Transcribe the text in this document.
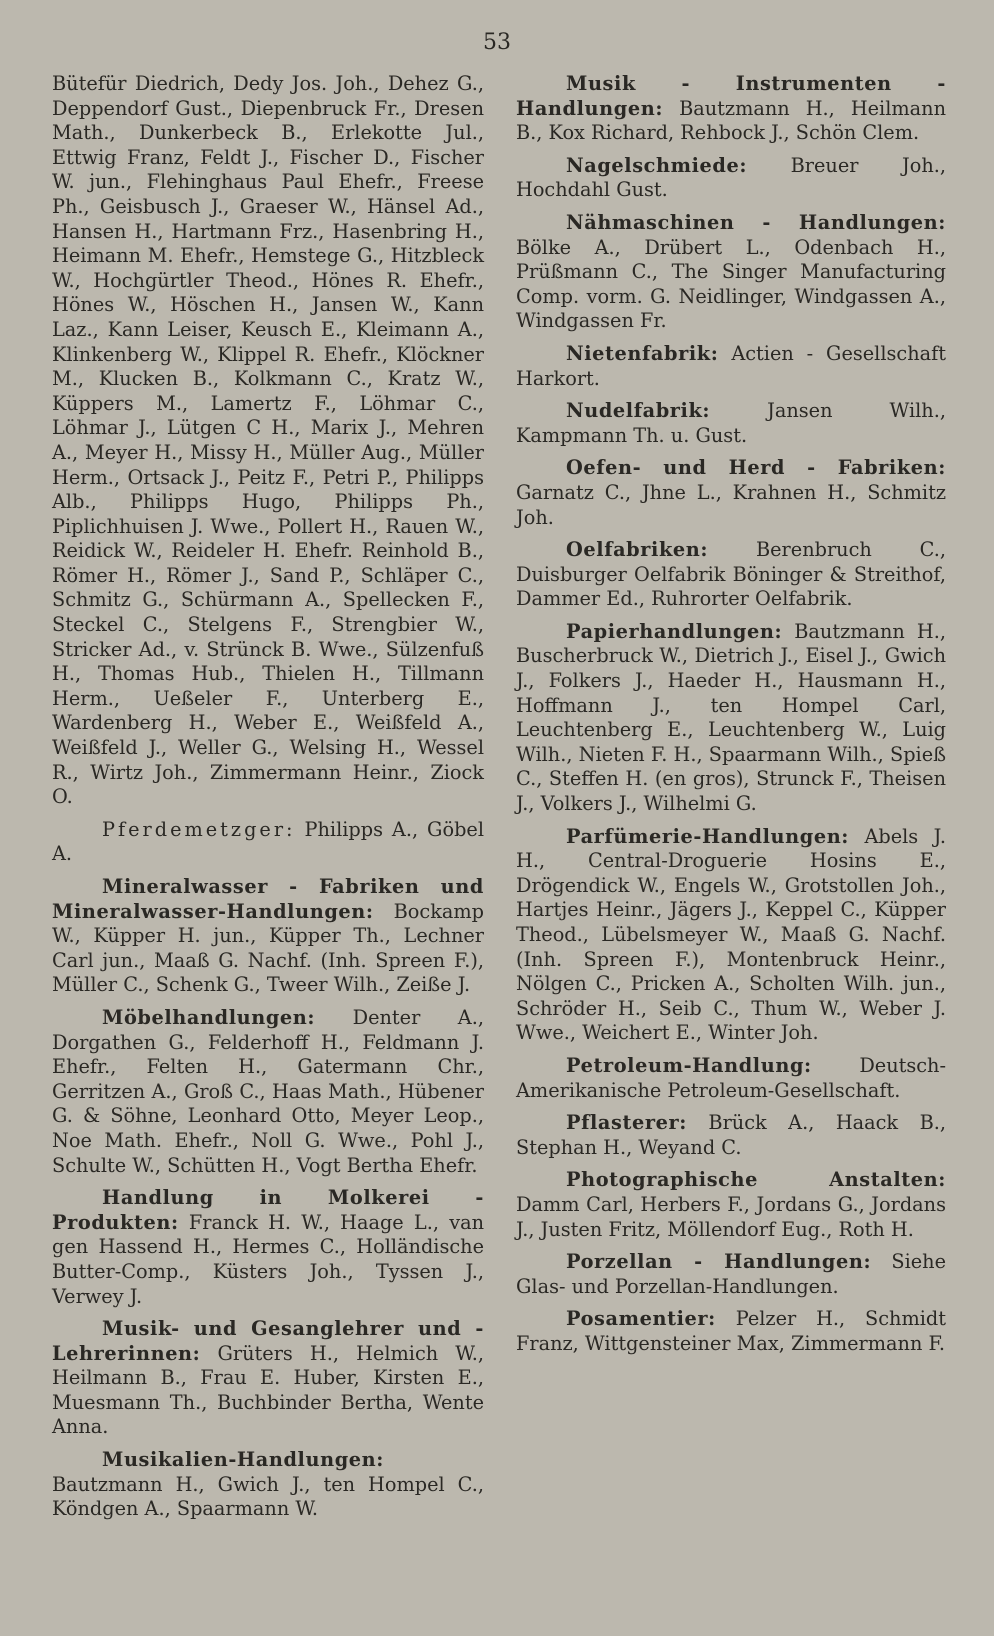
53

Bütefür Diedrich, Dedy Jos. Joh., Dehez G., Deppendorf Gust., Diepenbruck Fr., Dresen Math., Dunkerbeck B., Erlekotte Jul., Ettwig Franz, Feldt J., Fischer D., Fischer W. jun., Flehinghaus Paul Ehefr., Freese Ph., Geisbusch J., Graeser W., Hänsel Ad., Hansen H., Hartmann Frz., Hasenbring H., Heimann M. Ehefr., Hemstege G., Hitzbleck W., Hochgürtler Theod., Hönes R. Ehefr., Hönes W., Höschen H., Jansen W., Kann Laz., Kann Leiser, Keusch E., Kleimann A., Klinkenberg W., Klippel R. Ehefr., Klöckner M., Klucken B., Kolkmann C., Kratz W., Küppers M., Lamertz F., Löhmar C., Löhmar J., Lütgen C H., Marix J., Mehren A., Meyer H., Missy H., Müller Aug., Müller Herm., Ortsack J., Peitz F., Petri P., Philipps Alb., Philipps Hugo, Philipps Ph., Piplichhuisen J. Wwe., Pollert H., Rauen W., Reidick W., Reideler H. Ehefr. Reinhold B., Römer H., Römer J., Sand P., Schläper C., Schmitz G., Schürmann A., Spellecken F., Steckel C., Stelgens F., Strengbier W., Stricker Ad., v. Strünck B. Wwe., Sülzenfuß H., Thomas Hub., Thielen H., Tillmann Herm., Ueßeler F., Unterberg E., Wardenberg H., Weber E., Weißfeld A., Weißfeld J., Weller G., Welsing H., Wessel R., Wirtz Joh., Zimmermann Heinr., Ziock O.

Pferdemetzger: Philipps A., Göbel A.

Mineralwasser - Fabriken und Mineralwasser-Handlungen: Bockamp W., Küpper H. jun., Küpper Th., Lechner Carl jun., Maaß G. Nachf. (Inh. Spreen F.), Müller C., Schenk G., Tweer Wilh., Zeiße J.

Möbelhandlungen: Denter A., Dorgathen G., Felderhoff H., Feldmann J. Ehefr., Felten H., Gatermann Chr., Gerritzen A., Groß C., Haas Math., Hübener G. & Söhne, Leonhard Otto, Meyer Leop., Noe Math. Ehefr., Noll G. Wwe., Pohl J., Schulte W., Schütten H., Vogt Bertha Ehefr.

Handlung in Molkerei - Produkten: Franck H. W., Haage L., van gen Hassend H., Hermes C., Holländische Butter-Comp., Küsters Joh., Tyssen J., Verwey J.

Musik- und Gesanglehrer und -Lehrerinnen: Grüters H., Helmich W., Heilmann B., Frau E. Huber, Kirsten E., Muesmann Th., Buchbinder Bertha, Wente Anna.

Musikalien-Handlungen: Bautzmann H., Gwich J., ten Hompel C., Köndgen A., Spaarmann W.

Musik - Instrumenten - Handlungen: Bautzmann H., Heilmann B., Kox Richard, Rehbock J., Schön Clem.

Nagelschmiede: Breuer Joh., Hochdahl Gust.

Nähmaschinen - Handlungen: Bölke A., Drübert L., Odenbach H., Prüßmann C., The Singer Manufacturing Comp. vorm. G. Neidlinger, Windgassen A., Windgassen Fr.

Nietenfabrik: Actien - Gesellschaft Harkort.

Nudelfabrik: Jansen Wilh., Kampmann Th. u. Gust.

Oefen- und Herd - Fabriken: Garnatz C., Jhne L., Krahnen H., Schmitz Joh.

Oelfabriken: Berenbruch C., Duisburger Oelfabrik Böninger & Streithof, Dammer Ed., Ruhrorter Oelfabrik.

Papierhandlungen: Bautzmann H., Buscherbruck W., Dietrich J., Eisel J., Gwich J., Folkers J., Haeder H., Hausmann H., Hoffmann J., ten Hompel Carl, Leuchtenberg E., Leuchtenberg W., Luig Wilh., Nieten F. H., Spaarmann Wilh., Spieß C., Steffen H. (en gros), Strunck F., Theisen J., Volkers J., Wilhelmi G.

Parfümerie-Handlungen: Abels J. H., Central-Droguerie Hosins E., Drögendick W., Engels W., Grotstollen Joh., Hartjes Heinr., Jägers J., Keppel C., Küpper Theod., Lübelsmeyer W., Maaß G. Nachf. (Inh. Spreen F.), Montenbruck Heinr., Nölgen C., Pricken A., Scholten Wilh. jun., Schröder H., Seib C., Thum W., Weber J. Wwe., Weichert E., Winter Joh.

Petroleum-Handlung: Deutsch-Amerikanische Petroleum-Gesellschaft.

Pflasterer: Brück A., Haack B., Stephan H., Weyand C.

Photographische Anstalten: Damm Carl, Herbers F., Jordans G., Jordans J., Justen Fritz, Möllendorf Eug., Roth H.

Porzellan - Handlungen: Siehe Glas- und Porzellan-Handlungen.

Posamentier: Pelzer H., Schmidt Franz, Wittgensteiner Max, Zimmermann F.
